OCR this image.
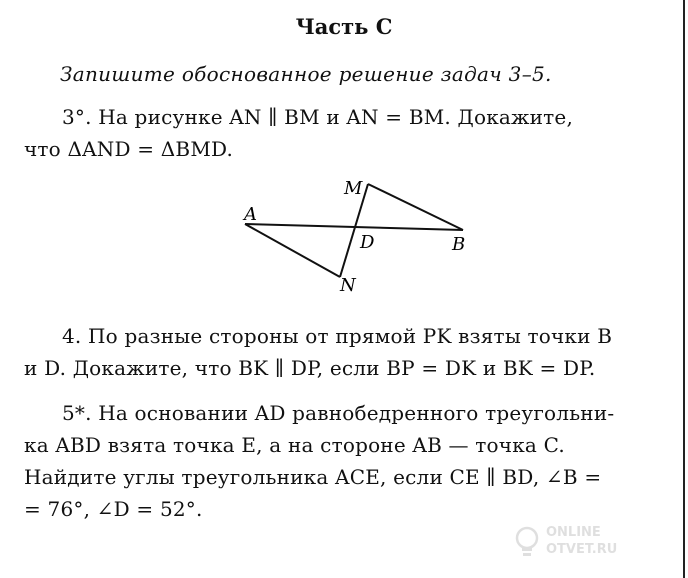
Часть С
Запишите обоснованное решение задач 3–5.
3°. На рисунке AN ∥ BM и AN = BM. Докажите,
что ΔAND = ΔBMD.
A
M
D	B
N
4. По разные стороны от прямой PK взяты точки B
и D. Докажите, что BK ∥ DP, если BP = DK и BK = DP.
5*. На основании AD равнобедренного треугольни-
ка ABD взята точка E, а на стороне AB — точка C.
Найдите углы треугольника ACE, если CE ∥ BD, ∠B =
= 76°, ∠D = 52°.
ONLINE
OTVET.RU
